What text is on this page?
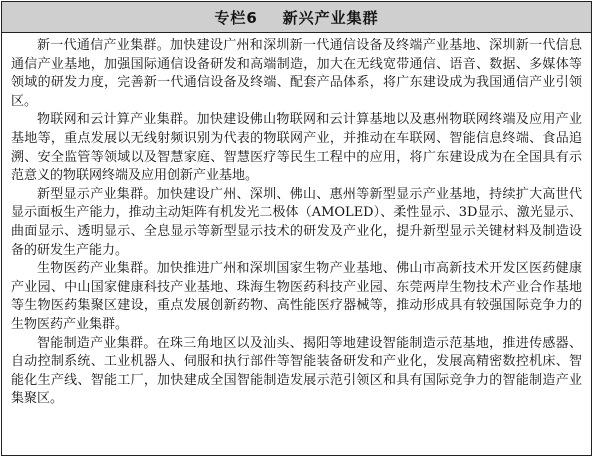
专栏6    新兴产业集群

新一代通信产业集群。加快建设广州和深圳新一代通信设备及终端产业基地、深圳新一代信息通信产业基地，加强国际通信设备研发和高端制造，加大在无线宽带通信、语音、数据、多媒体等领域的研发力度，完善新一代通信设备及终端、配套产品体系，将广东建设成为我国通信产业引领区。

物联网和云计算产业集群。加快建设佛山物联网和云计算基地以及惠州物联网终端及应用产业基地等，重点发展以无线射频识别为代表的物联网产业，并推动在车联网、智能信息终端、食品追溯、安全监管等领域以及智慧家庭、智慧医疗等民生工程中的应用，将广东建设成为在全国具有示范意义的物联网终端及应用创新产业基地。

新型显示产业集群。加快建设广州、深圳、佛山、惠州等新型显示产业基地，持续扩大高世代显示面板生产能力，推动主动矩阵有机发光二极体（AMOLED）、柔性显示、3D显示、激光显示、曲面显示、透明显示、全息显示等新型显示技术的研发及产业化，提升新型显示关键材料及制造设备的研发生产能力。

生物医药产业集群。加快推进广州和深圳国家生物产业基地、佛山市高新技术开发区医药健康产业园、中山国家健康科技产业基地、珠海生物医药科技产业园、东莞两岸生物技术产业合作基地等生物医药集聚区建设，重点发展创新药物、高性能医疗器械等，推动形成具有较强国际竞争力的生物医药产业集群。

智能制造产业集群。在珠三角地区以及汕头、揭阳等地建设智能制造示范基地，推进传感器、自动控制系统、工业机器人、伺服和执行部件等智能装备研发和产业化，发展高精密数控机床、智能化生产线、智能工厂，加快建成全国智能制造发展示范引领区和具有国际竞争力的智能制造产业集聚区。
